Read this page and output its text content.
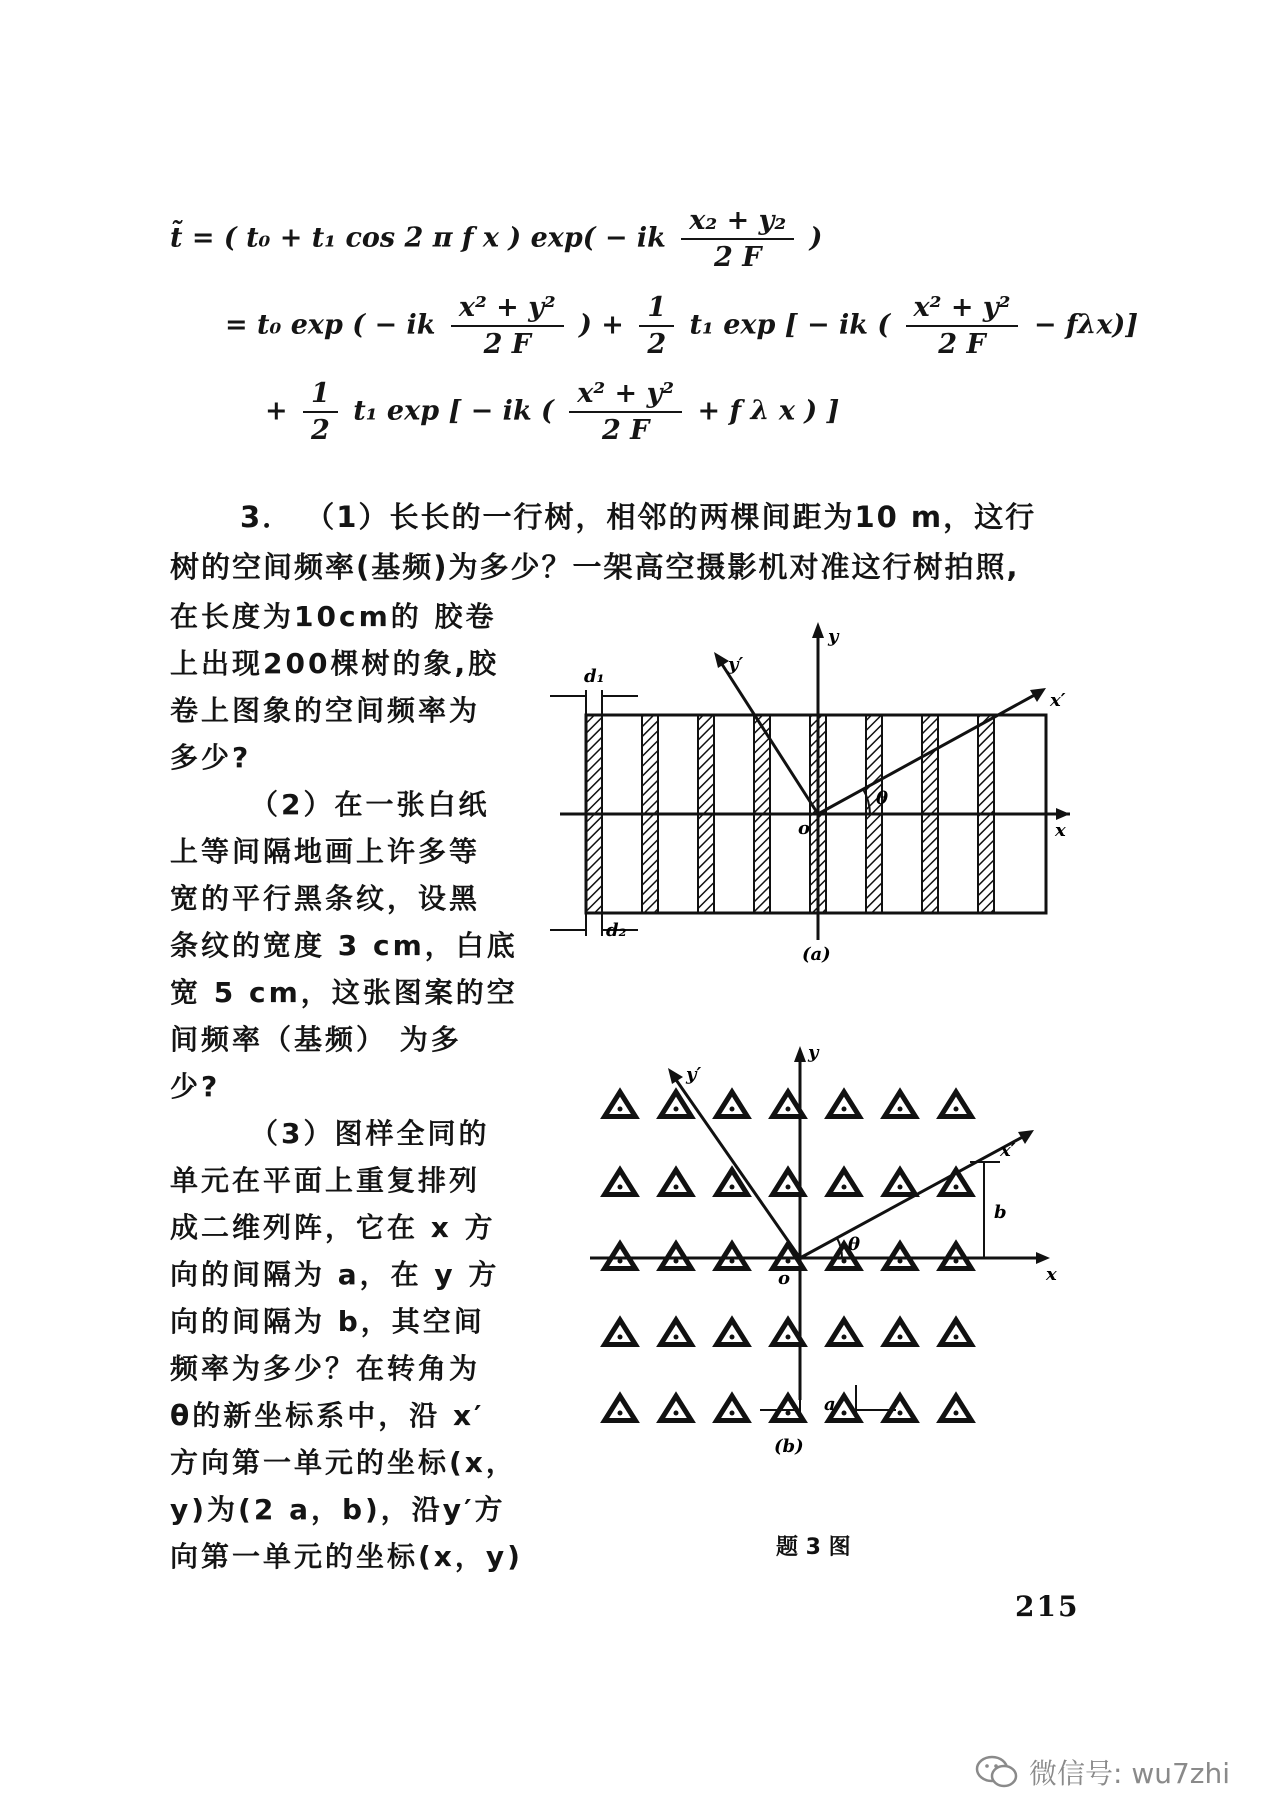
t̃ = ( t₀ + t₁ cos 2 π f x ) exp( − ik $\frac{\text{x₂ + y₂}}{2 F}$ )
= t₀ exp ( − ik $\frac{\text{x² + y²}}{2 F}$ ) + $\frac{1}{2} t_1$ exp [ − ik ( $\frac{\text{x² + y²}}{2 F} - f\lambda x$)]
+ $\frac{1}{2} t_1$ exp [ − ik ( $\frac{\text{x² + y²}}{2 F} + f$ λ x ) ]
3． （1）长长的一行树，相邻的两棵间距为10 m，这行
树的空间频率(基频)为多少？一架高空摄影机对准这行树拍照,
在长度为10cm的 胶卷
上出现200棵树的象,胶
卷上图象的空间频率为
多少?
（2）在一张白纸
上等间隔地画上许多等
宽的平行黑条纹，设黑
条纹的宽度 3 cm，白底
宽 5 cm，这张图案的空
间频率（基频） 为多
少?
（3）图样全同的
单元在平面上重复排列
成二维列阵，它在 x 方
向的间隔为 a，在 y 方
向的间隔为 b，其空间
频率为多少？在转角为
θ的新坐标系中，沿 x′
方向第一单元的坐标(x，
y)为(2 a，b)，沿y′方
向第一单元的坐标(x，y)
y
y′
x′
x
o
θ
d₁
d₂
(a)
y
y′
x′
x
o
θ
b
a
(b)
题 3 图
215
微信号: wu7zhi
